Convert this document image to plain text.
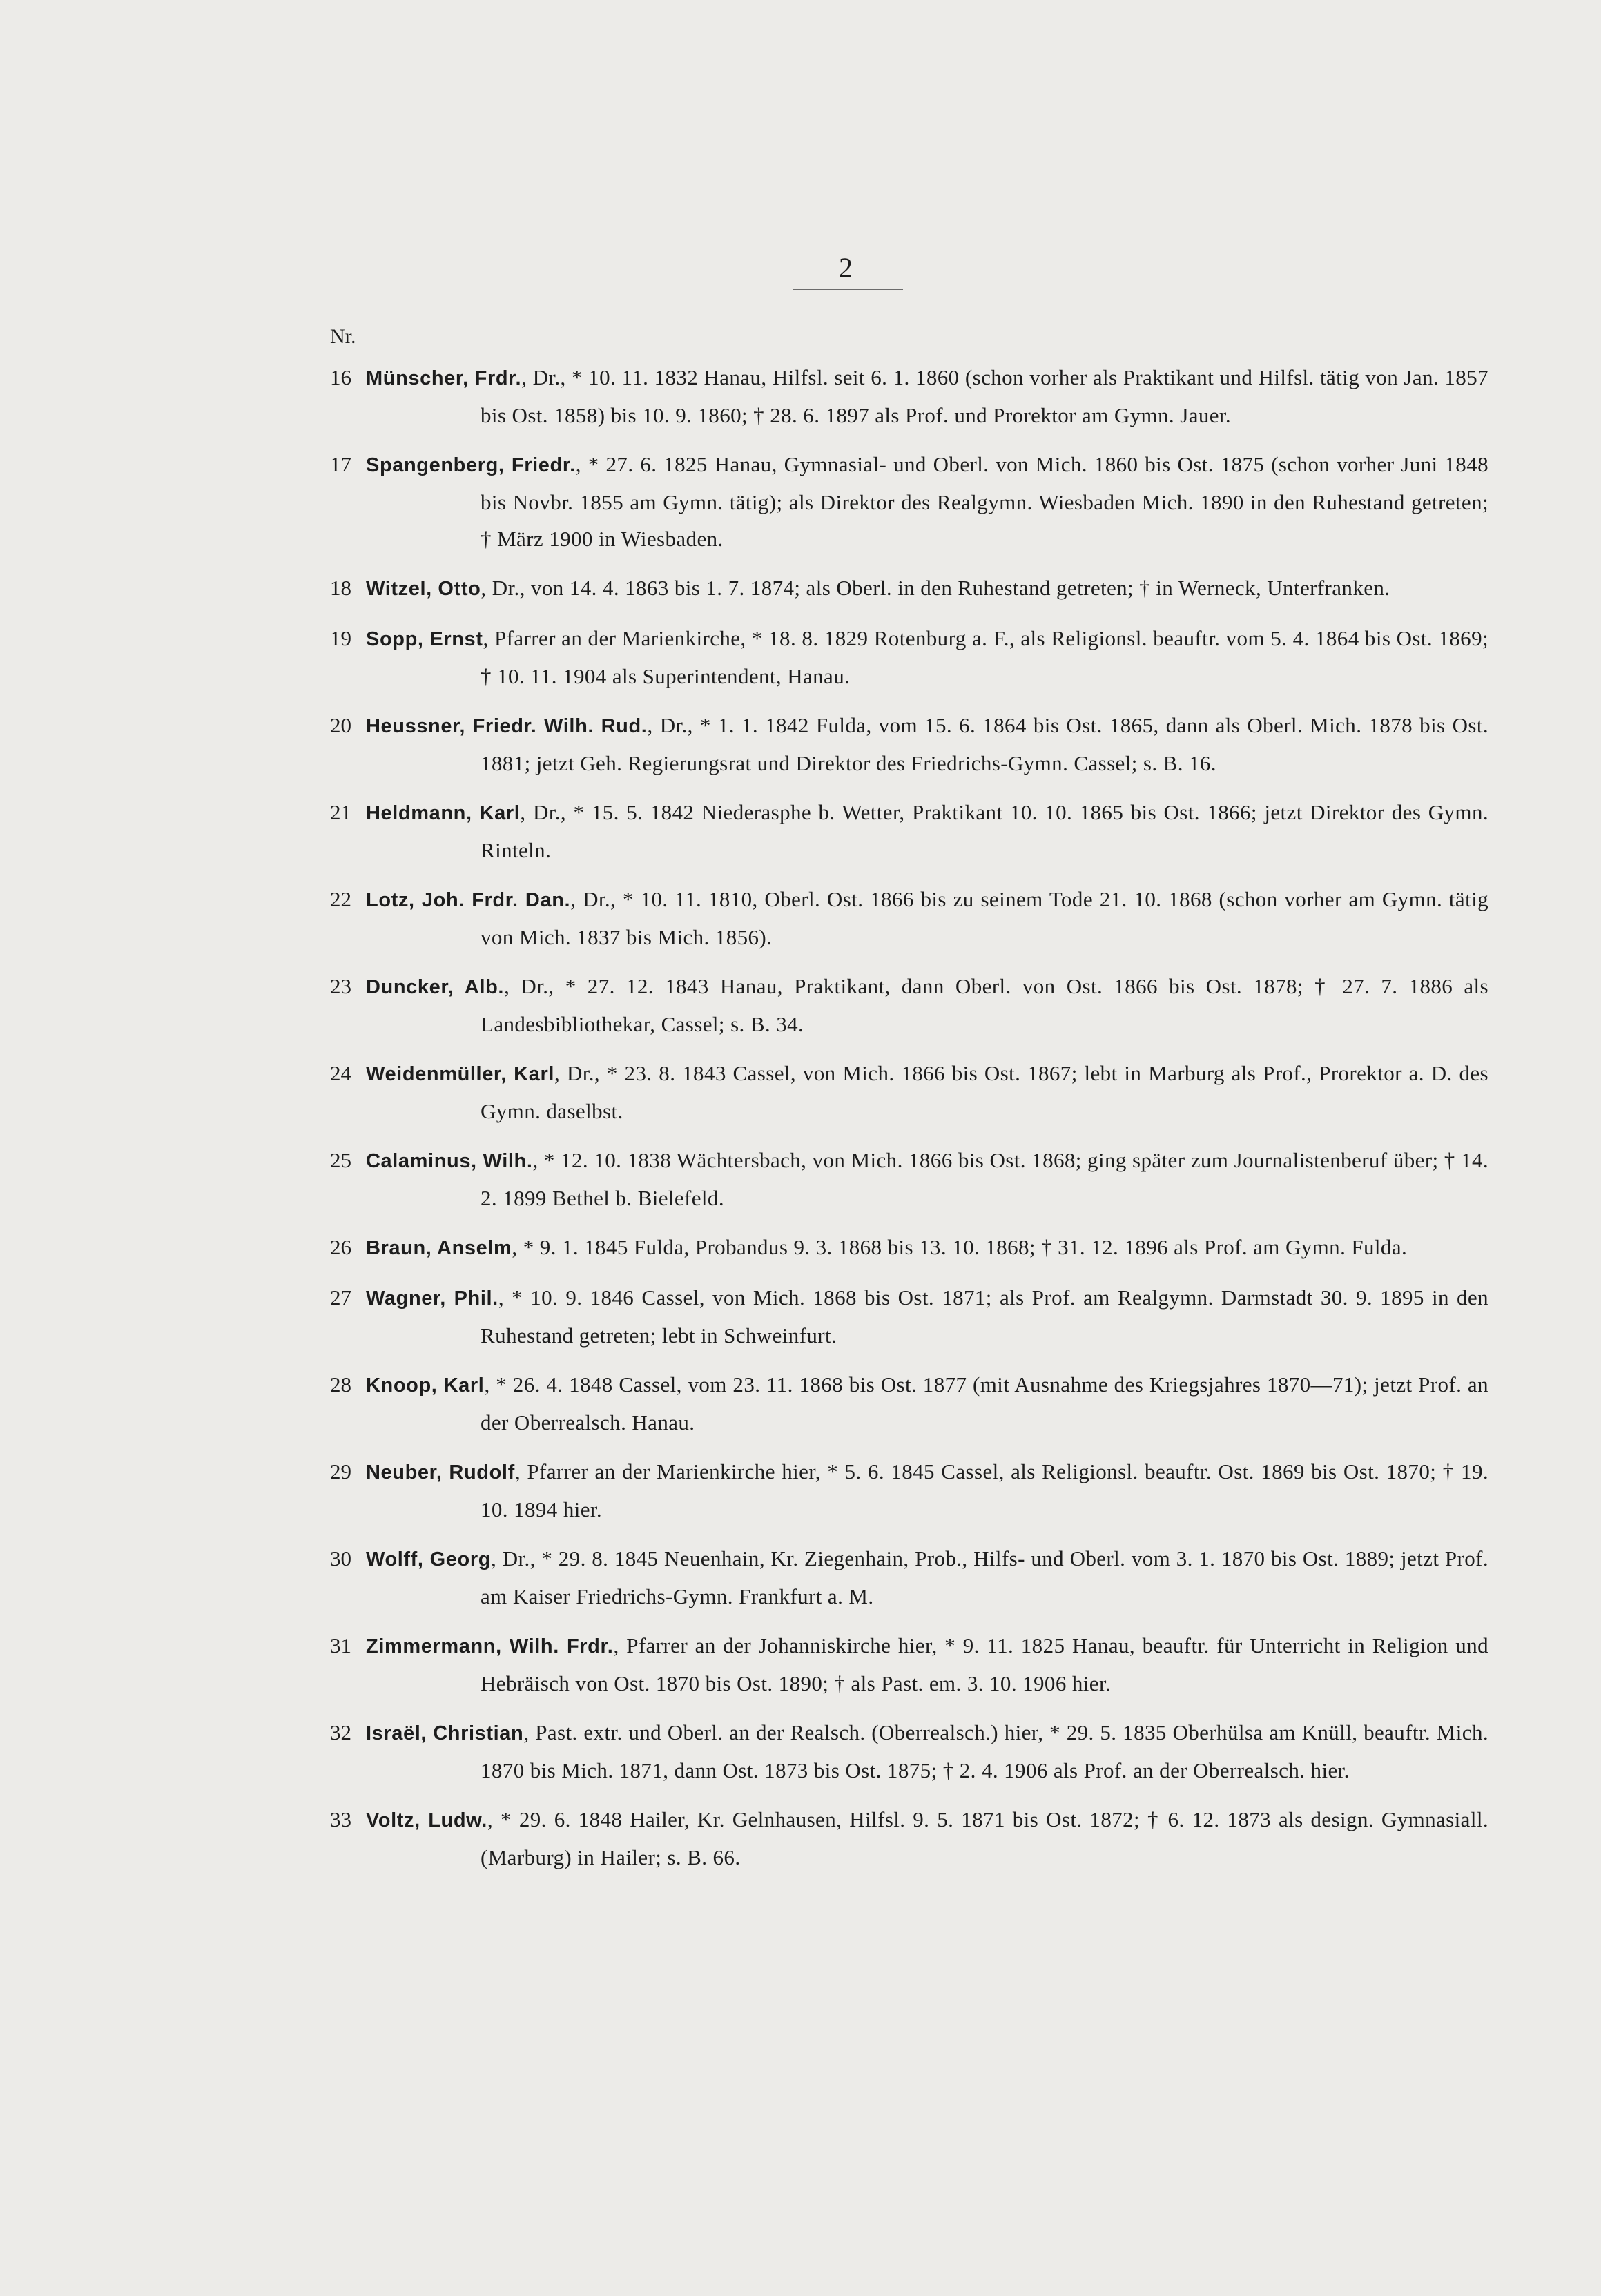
2
Nr.
16 Münscher, Frdr., Dr., * 10. 11. 1832 Hanau, Hilfsl. seit 6. 1. 1860 (schon vorher als Praktikant und Hilfsl. tätig von Jan. 1857 bis Ost. 1858) bis 10. 9. 1860; † 28. 6. 1897 als Prof. und Prorektor am Gymn. Jauer.
17 Spangenberg, Friedr., * 27. 6. 1825 Hanau, Gymnasial- und Oberl. von Mich. 1860 bis Ost. 1875 (schon vorher Juni 1848 bis Novbr. 1855 am Gymn. tätig); als Direktor des Realgymn. Wiesbaden Mich. 1890 in den Ruhestand getreten; † März 1900 in Wiesbaden.
18 Witzel, Otto, Dr., von 14. 4. 1863 bis 1. 7. 1874; als Oberl. in den Ruhestand getreten; † in Werneck, Unterfranken.
19 Sopp, Ernst, Pfarrer an der Marienkirche, * 18. 8. 1829 Rotenburg a. F., als Religionsl. beauftr. vom 5. 4. 1864 bis Ost. 1869; † 10. 11. 1904 als Superintendent, Hanau.
20 Heussner, Friedr. Wilh. Rud., Dr., * 1. 1. 1842 Fulda, vom 15. 6. 1864 bis Ost. 1865, dann als Oberl. Mich. 1878 bis Ost. 1881; jetzt Geh. Regierungsrat und Direktor des Friedrichs-Gymn. Cassel; s. B. 16.
21 Heldmann, Karl, Dr., * 15. 5. 1842 Niederasphe b. Wetter, Praktikant 10. 10. 1865 bis Ost. 1866; jetzt Direktor des Gymn. Rinteln.
22 Lotz, Joh. Frdr. Dan., Dr., * 10. 11. 1810, Oberl. Ost. 1866 bis zu seinem Tode 21. 10. 1868 (schon vorher am Gymn. tätig von Mich. 1837 bis Mich. 1856).
23 Duncker, Alb., Dr., * 27. 12. 1843 Hanau, Praktikant, dann Oberl. von Ost. 1866 bis Ost. 1878; † 27. 7. 1886 als Landesbibliothekar, Cassel; s. B. 34.
24 Weidenmüller, Karl, Dr., * 23. 8. 1843 Cassel, von Mich. 1866 bis Ost. 1867; lebt in Marburg als Prof., Prorektor a. D. des Gymn. daselbst.
25 Calaminus, Wilh., * 12. 10. 1838 Wächtersbach, von Mich. 1866 bis Ost. 1868; ging später zum Journalistenberuf über; † 14. 2. 1899 Bethel b. Bielefeld.
26 Braun, Anselm, * 9. 1. 1845 Fulda, Probandus 9. 3. 1868 bis 13. 10. 1868; † 31. 12. 1896 als Prof. am Gymn. Fulda.
27 Wagner, Phil., * 10. 9. 1846 Cassel, von Mich. 1868 bis Ost. 1871; als Prof. am Realgymn. Darmstadt 30. 9. 1895 in den Ruhestand getreten; lebt in Schweinfurt.
28 Knoop, Karl, * 26. 4. 1848 Cassel, vom 23. 11. 1868 bis Ost. 1877 (mit Ausnahme des Kriegsjahres 1870—71); jetzt Prof. an der Oberrealsch. Hanau.
29 Neuber, Rudolf, Pfarrer an der Marienkirche hier, * 5. 6. 1845 Cassel, als Religionsl. beauftr. Ost. 1869 bis Ost. 1870; † 19. 10. 1894 hier.
30 Wolff, Georg, Dr., * 29. 8. 1845 Neuenhain, Kr. Ziegenhain, Prob., Hilfs- und Oberl. vom 3. 1. 1870 bis Ost. 1889; jetzt Prof. am Kaiser Friedrichs-Gymn. Frankfurt a. M.
31 Zimmermann, Wilh. Frdr., Pfarrer an der Johanniskirche hier, * 9. 11. 1825 Hanau, beauftr. für Unterricht in Religion und Hebräisch von Ost. 1870 bis Ost. 1890; † als Past. em. 3. 10. 1906 hier.
32 Israël, Christian, Past. extr. und Oberl. an der Realsch. (Oberrealsch.) hier, * 29. 5. 1835 Oberhülsa am Knüll, beauftr. Mich. 1870 bis Mich. 1871, dann Ost. 1873 bis Ost. 1875; † 2. 4. 1906 als Prof. an der Oberrealsch. hier.
33 Voltz, Ludw., * 29. 6. 1848 Hailer, Kr. Gelnhausen, Hilfsl. 9. 5. 1871 bis Ost. 1872; † 6. 12. 1873 als design. Gymnasiall. (Marburg) in Hailer; s. B. 66.
